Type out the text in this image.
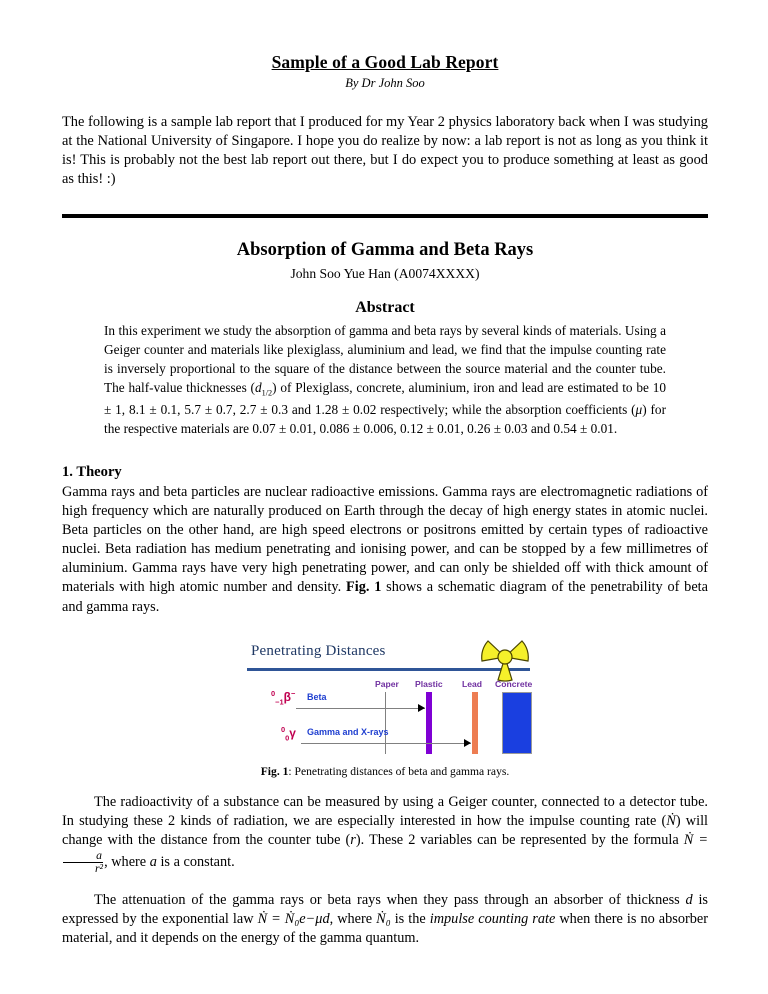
Sample of a Good Lab Report
By Dr John Soo

The following is a sample lab report that I produced for my Year 2 physics laboratory back when I was studying at the National University of Singapore. I hope you do realize by now: a lab report is not as long as you think it is! This is probably not the best lab report out there, but I do expect you to produce something at least as good as this! :)

Absorption of Gamma and Beta Rays
John Soo Yue Han (A0074XXXX)
Abstract

In this experiment we study the absorption of gamma and beta rays by several kinds of materials. Using a Geiger counter and materials like plexiglass, aluminium and lead, we find that the impulse counting rate is inversely proportional to the square of the distance between the source material and the counter tube. The half-value thicknesses $(d_{1/2})$ of Plexiglass, concrete, aluminium, iron and lead are estimated to be 10 ± 1, 8.1 ± 0.1, 5.7 ± 0.7, 2.7 ± 0.3 and 1.28 ± 0.02 respectively; while the absorption coefficients (μ) for the respective materials are 0.07 ± 0.01, 0.086 ± 0.006, 0.12 ± 0.01, 0.26 ± 0.03 and 0.54 ± 0.01.

1. Theory

Gamma rays and beta particles are nuclear radioactive emissions. Gamma rays are electromagnetic radiations of high frequency which are naturally produced on Earth through the decay of high energy states in atomic nuclei. Beta particles on the other hand, are high speed electrons or positrons emitted by certain types of radioactive nuclei. Beta radiation has medium penetrating and ionising power, and can be stopped by a few millimetres of aluminium. Gamma rays have very high penetrating power, and can only be shielded off with thick amount of materials with high atomic number and density. Fig. 1 shows a schematic diagram of the penetrability of beta and gamma rays.

Penetrating Distances
Paper Plastic Lead Concrete
$^0_{-1}$β− Beta
$^0_0$γ Gamma and X-rays
Fig. 1: Penetrating distances of beta and gamma rays.

The radioactivity of a substance can be measured by using a Geiger counter, connected to a detector tube. In studying these 2 kinds of radiation, we are especially interested in how the impulse counting rate (Ṅ) will change with the distance from the counter tube (r). These 2 variables can be represented by the formula Ṅ =
$\frac{a}{\text{r²}}$ , where a is a constant.

The attenuation of the gamma rays or beta rays when they pass through an absorber of thickness d is expressed by the exponential law Ṅ = Ṅ₀e−μd, where Ṅ₀ is the impulse counting rate when there is no absorber material, and it depends on the energy of the gamma quantum.
